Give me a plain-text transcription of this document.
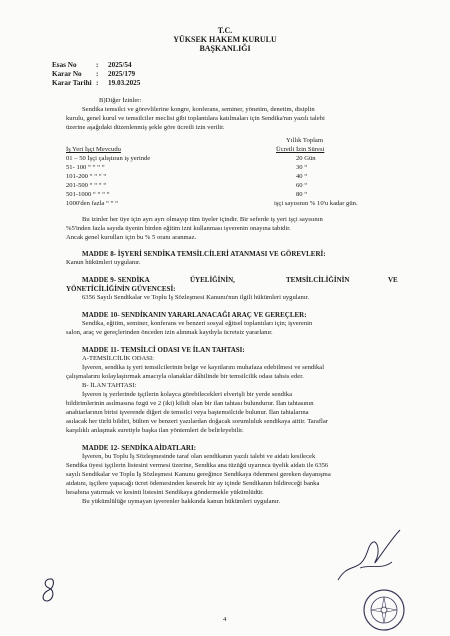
T.C.
YÜKSEK HAKEM KURULU
BAŞKANLIĞI
Esas No	: 2025/54
Karar No : 2025/179
Karar Tarihi : 19.03.2025
B)Diğer İzinler:
Sendika temsilci ve görevlilerine kongre, konferans, seminer, yönetim, denetim, disiplin
kurulu, genel kurul ve temsilciler meclisi gibi toplantılara katılmaları için Sendika'nın yazılı talebi
üzerine aşağıdaki düzenlenmiş şekle göre ücretli izin verilir.
Yıllık Toplam
İş Yeri İşçi Mevcudu	Ücretli İzin Süresi
01 – 50 İşçi çalıştıran iş yerinde	20 Gün
51- 100 “ “ “ “	30 “
101-200 “ “ “ “	40 “
201-500 “ “ “ “	60 “
501-1000 “ “ “ “	80 “
1000'den fazla “ “ “	işçi sayısının % 10'u kadar gün.
Bu izinler her üye için ayrı ayrı olmayıp tüm üyeler içindir. Bir seferde iş yeri işçi sayısının
%5'inden fazla sayıda üyenin birden eğitim izni kullanması işverenin onayına tabidir.
Ancak genel kurulları için bu % 5 oranı aranmaz.
MADDE 8- İŞYERİ SENDİKA TEMSİLCİLERİ ATANMASI VE GÖREVLERİ:
Kanun hükümleri uygulanır.
MADDE 9- SENDİKA	ÜYELİĞİNİN,	TEMSİLCİLİĞİNİN	VE
YÖNETİCİLİĞİNİN GÜVENCESİ:
6356 Sayılı Sendikalar ve Toplu İş Sözleşmesi Kanunu'nun ilgili hükümleri uygulanır.
MADDE 10- SENDİKANIN YARARLANACAĞI ARAÇ VE GEREÇLER:
Sendika, eğitim, seminer, konferans ve benzeri sosyal eğitsel toplantıları için; işverenin
salon, araç ve gereçlerinden önceden izin alınmak kaydıyla ücretsiz yararlanır.
MADDE 11- TEMSİLCİ ODASI VE İLAN TAHTASI:
A-TEMSİLCİLİK ODASI:
İşveren, sendika iş yeri temsilcilerinin belge ve kayıtlarını muhafaza edebilmesi ve sendikal
çalışmalarını kolaylaştırmak amacıyla olanaklar dâhilinde bir temsilcilik odası tahsis eder.
B- İLAN TAHTASI:
İşveren iş yerlerinde işçilerin kolayca görebilecekleri elverişli bir yerde sendika
bildirimlerinin asılmasına özgü ve 2 (iki) kilidi olan bir ilan tahtası bulundurur. İlan tahtasının
anahtarlarının birisi işverende diğeri de temsilci veya baştemsilcide bulunur. İlan tahtalarına
asılacak her türlü bildiri, bülten ve benzeri yazılardan doğacak sorumluluk sendikaya aittir. Taraflar
karşılıklı anlaşmak suretiyle başka ilan yöntemleri de belirleyebilir.
MADDE 12- SENDİKA AİDATLARI:
İşveren, bu Toplu İş Sözleşmesinde taraf olan sendikanın yazılı talebi ve aidatı kesilecek
Sendika üyesi işçilerin listesini vermesi üzerine, Sendika ana tüzüğü uyarınca üyelik aidatı ile 6356
sayılı Sendikalar ve Toplu İş Sözleşmesi Kanunu gereğince Sendikaya ödenmesi gereken dayanışma
aidatını, işçilere yapacağı ücret ödemesinden keserek bir ay içinde Sendikanın bildireceği banka
hesabına yatırmak ve kesinti listesini Sendikaya göndermekle yükümlüdür.
Bu yükümlülüğe uymayan işverenler hakkında kanun hükümleri uygulanır.
4
